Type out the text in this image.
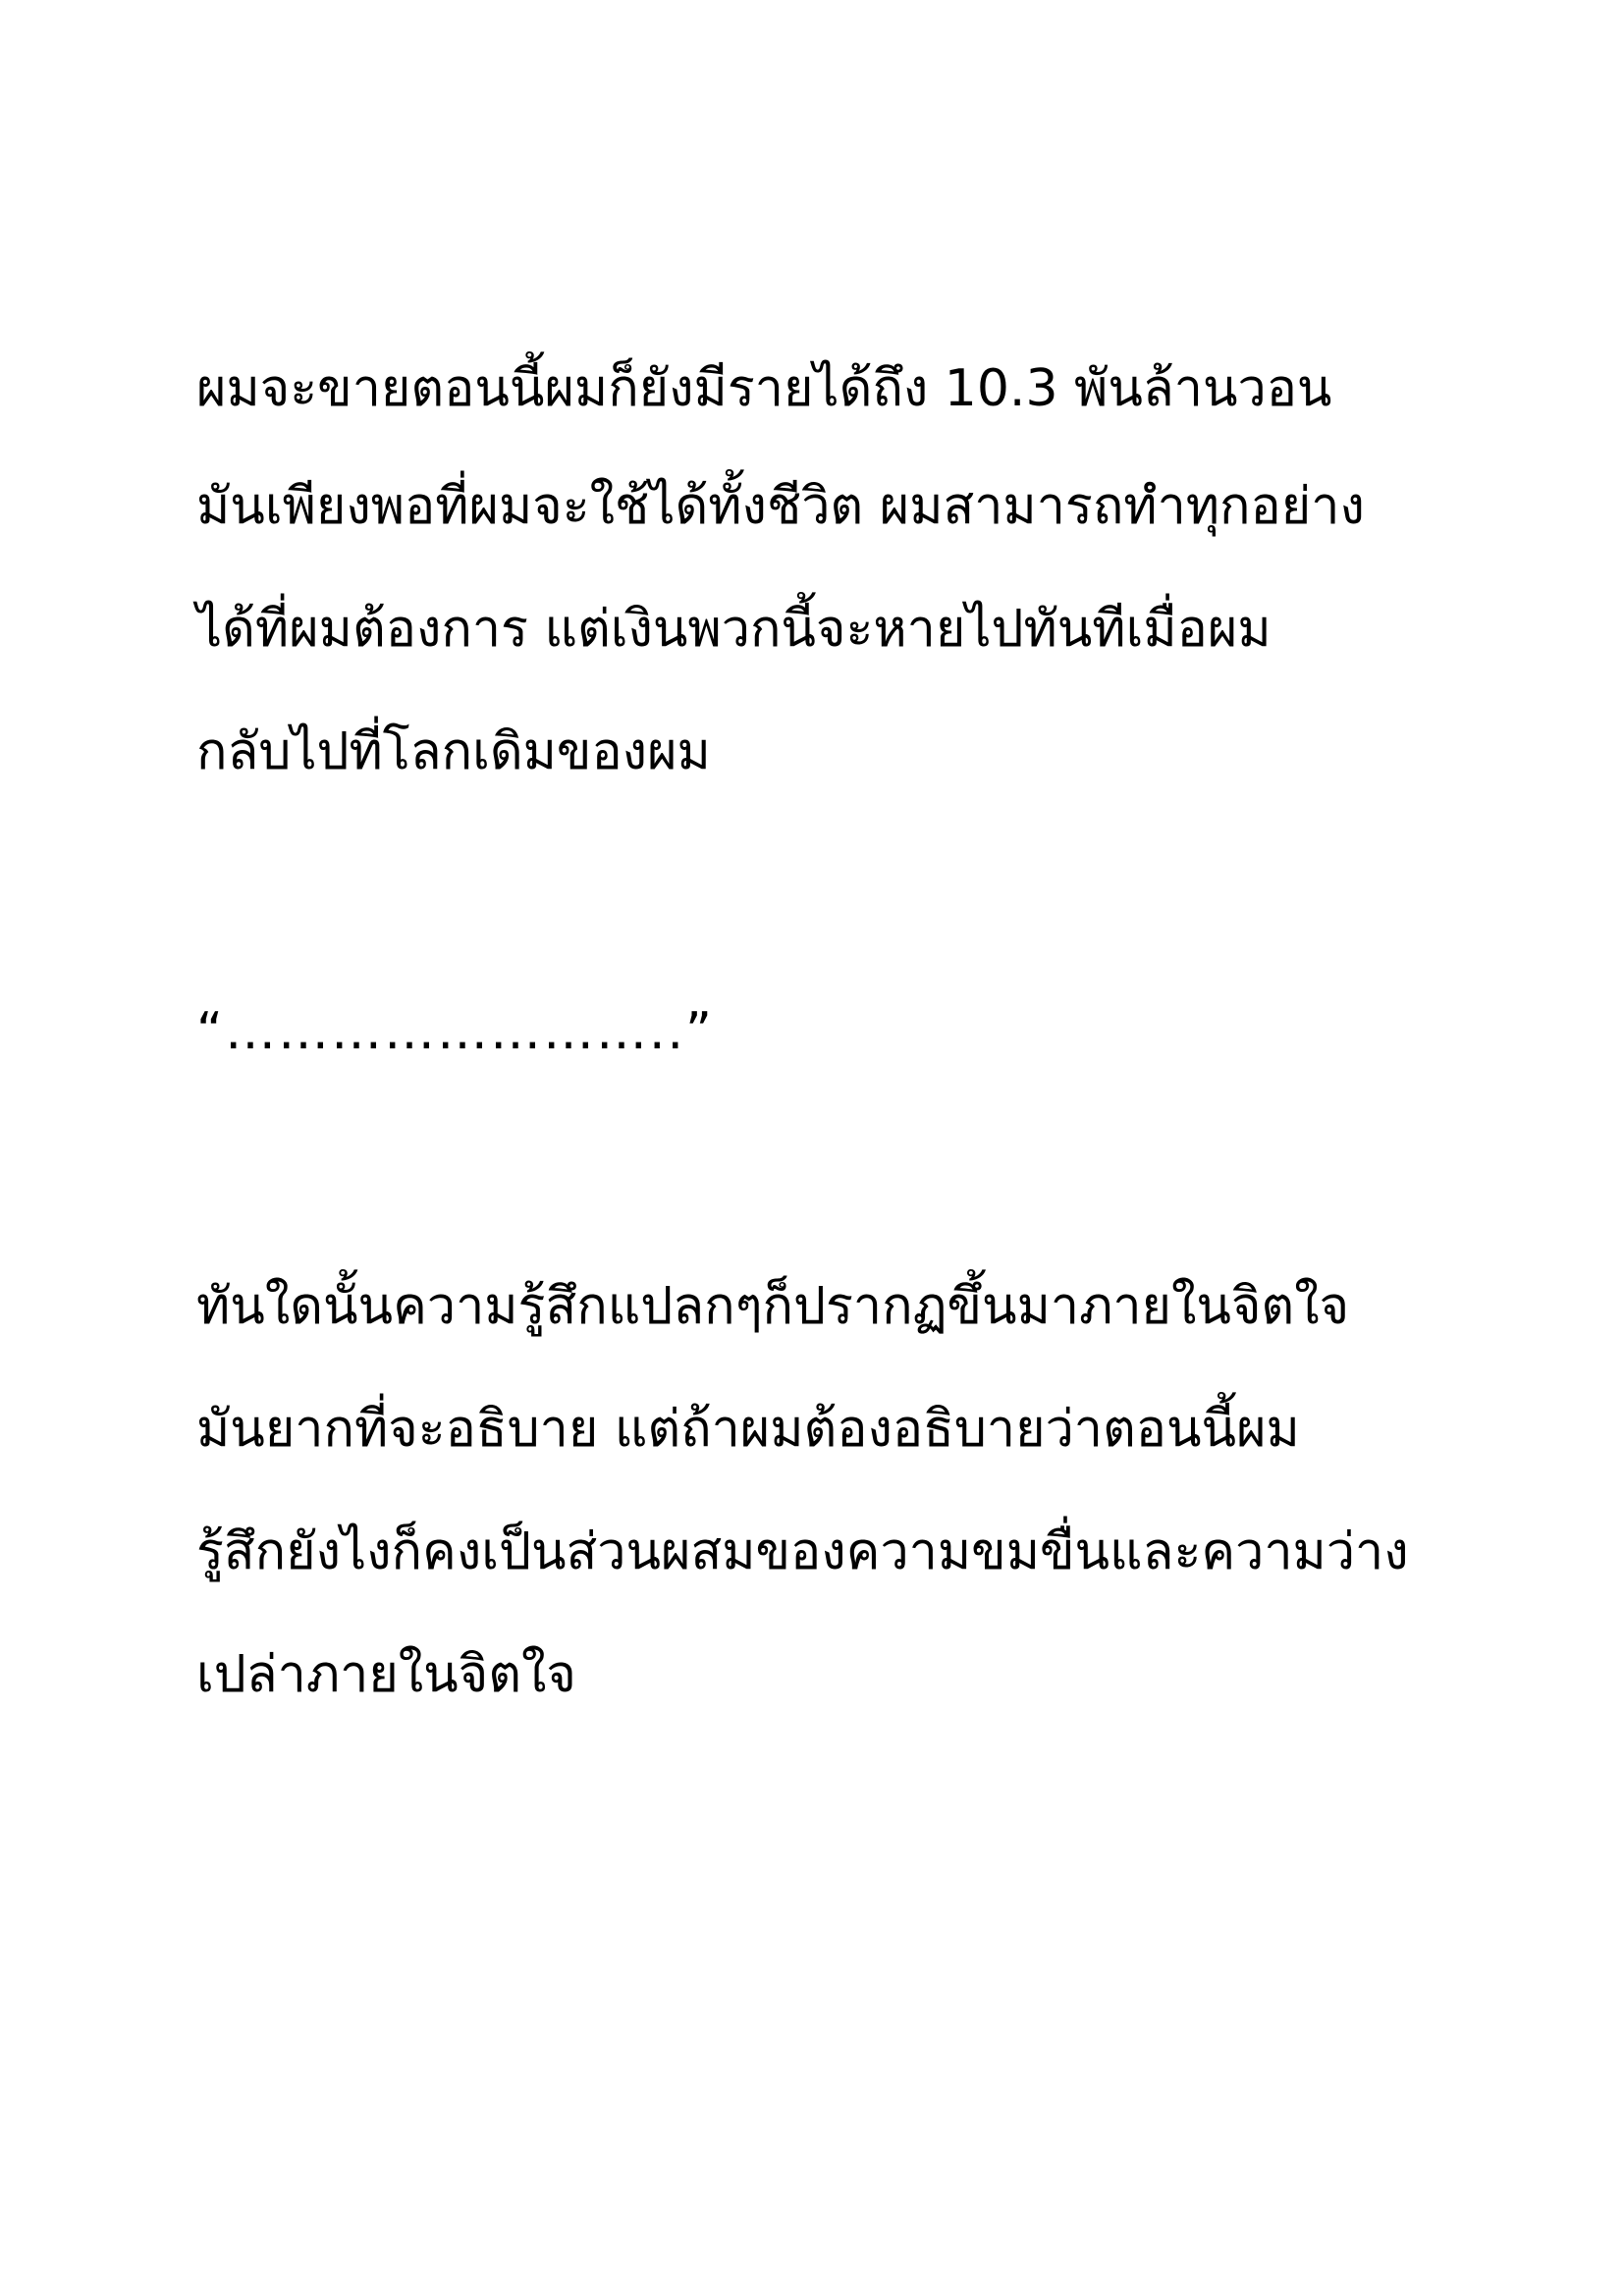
ผมจะขายตอนนี้ผมก็ยังมีรายได้ถึง 10.3 พันล้านวอน

มันเพียงพอที่ผมจะใช้ได้ทั้งชีวิต ผมสามารถทำทุกอย่าง

ได้ที่ผมต้องการ แต่เงินพวกนี้จะหายไปทันทีเมื่อผม

กลับไปที่โลกเดิมของผม

“……………………..”

ทันใดนั้นความรู้สึกแปลกๆก็ปรากฏขึ้นมาภายในจิตใจ

มันยากที่จะอธิบาย แต่ถ้าผมต้องอธิบายว่าตอนนี้ผม

รู้สึกยังไงก็คงเป็นส่วนผสมของความขมขื่นและความว่าง

เปล่าภายในจิตใจ
